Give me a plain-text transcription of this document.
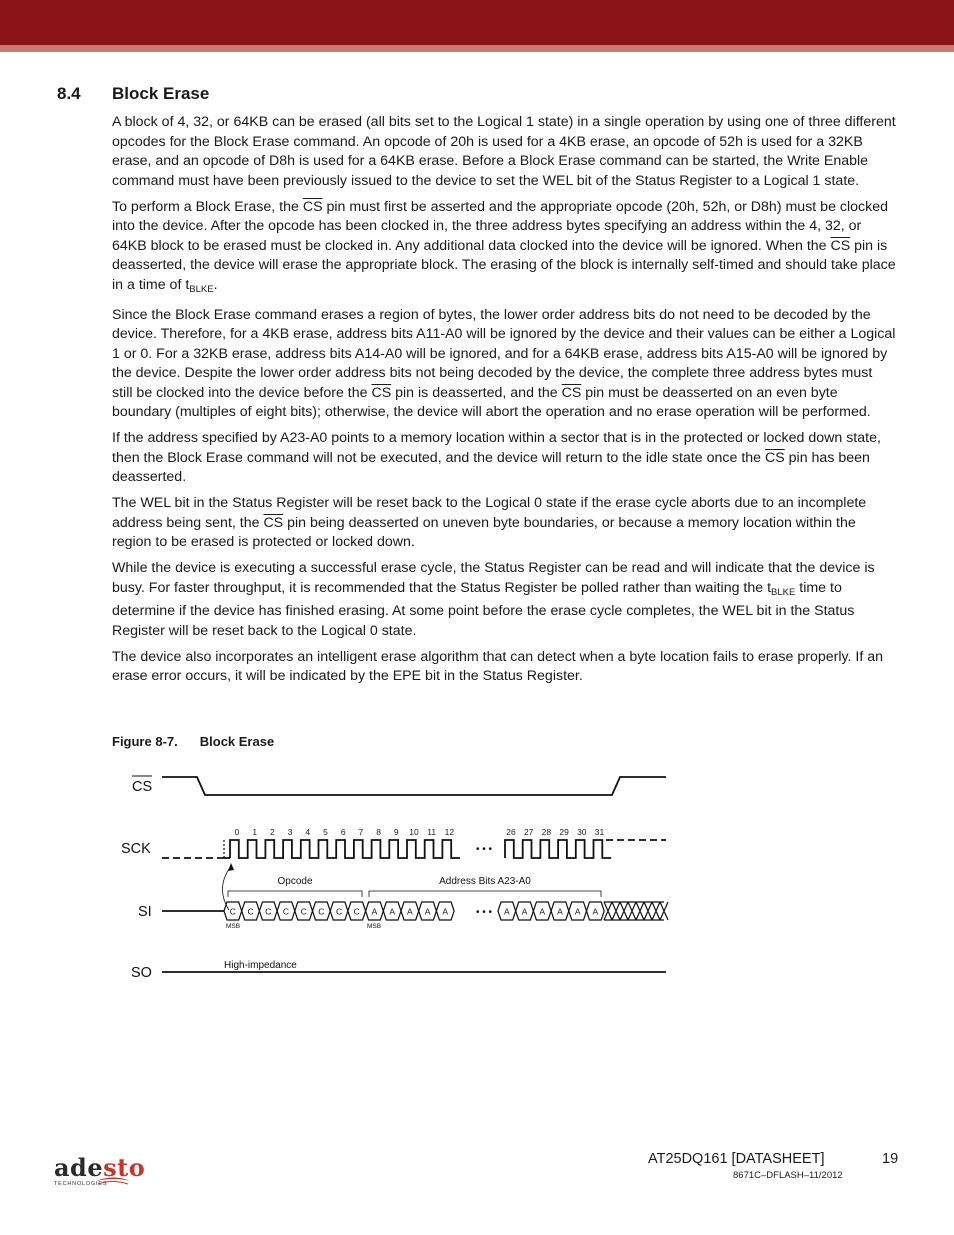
8.4 Block Erase

A block of 4, 32, or 64KB can be erased (all bits set to the Logical 1 state) in a single operation by using one of three different opcodes for the Block Erase command. An opcode of 20h is used for a 4KB erase, an opcode of 52h is used for a 32KB erase, and an opcode of D8h is used for a 64KB erase. Before a Block Erase command can be started, the Write Enable command must have been previously issued to the device to set the WEL bit of the Status Register to a Logical 1 state.

To perform a Block Erase, the $\overline{CS}$ pin must first be asserted and the appropriate opcode (20h, 52h, or D8h) must be clocked into the device. After the opcode has been clocked in, the three address bytes specifying an address within the 4, 32, or 64KB block to be erased must be clocked in. Any additional data clocked into the device will be ignored. When the $\overline{CS}$ pin is deasserted, the device will erase the appropriate block. The erasing of the block is internally self-timed and should take place in a time of $t_{BLKE}$.

Since the Block Erase command erases a region of bytes, the lower order address bits do not need to be decoded by the device. Therefore, for a 4KB erase, address bits A11-A0 will be ignored by the device and their values can be either a Logical 1 or 0. For a 32KB erase, address bits A14-A0 will be ignored, and for a 64KB erase, address bits A15-A0 will be ignored by the device. Despite the lower order address bits not being decoded by the device, the complete three address bytes must still be clocked into the device before the $\overline{CS}$ pin is deasserted, and the $\overline{CS}$ pin must be deasserted on an even byte boundary (multiples of eight bits); otherwise, the device will abort the operation and no erase operation will be performed.

If the address specified by A23-A0 points to a memory location within a sector that is in the protected or locked down state, then the Block Erase command will not be executed, and the device will return to the idle state once the $\overline{CS}$ pin has been deasserted.

The WEL bit in the Status Register will be reset back to the Logical 0 state if the erase cycle aborts due to an incomplete address being sent, the $\overline{CS}$ pin being deasserted on uneven byte boundaries, or because a memory location within the region to be erased is protected or locked down.

While the device is executing a successful erase cycle, the Status Register can be read and will indicate that the device is busy. For faster throughput, it is recommended that the Status Register be polled rather than waiting the $t_{BLKE}$ time to determine if the device has finished erasing. At some point before the erase cycle completes, the WEL bit in the Status Register will be reset back to the Logical 0 state.

The device also incorporates an intelligent erase algorithm that can detect when a byte location fails to erase properly. If an erase error occurs, it will be indicated by the EPE bit in the Status Register.

Figure 8-7. Block Erase
CS
SCK
SI
SO
• • •
0 1 2 3 4 5 6 7 8 9 10 11 12	26 27 28 29 30 31
Opcode	Address Bits A23-A0
C C C C C C C C A A A A A	• • • A A A A A A
MSB	MSB
High-impedance
adesto
TECHNOLOGIES
AT25DQ161 [DATASHEET]	19
8671C–DFLASH–11/2012
